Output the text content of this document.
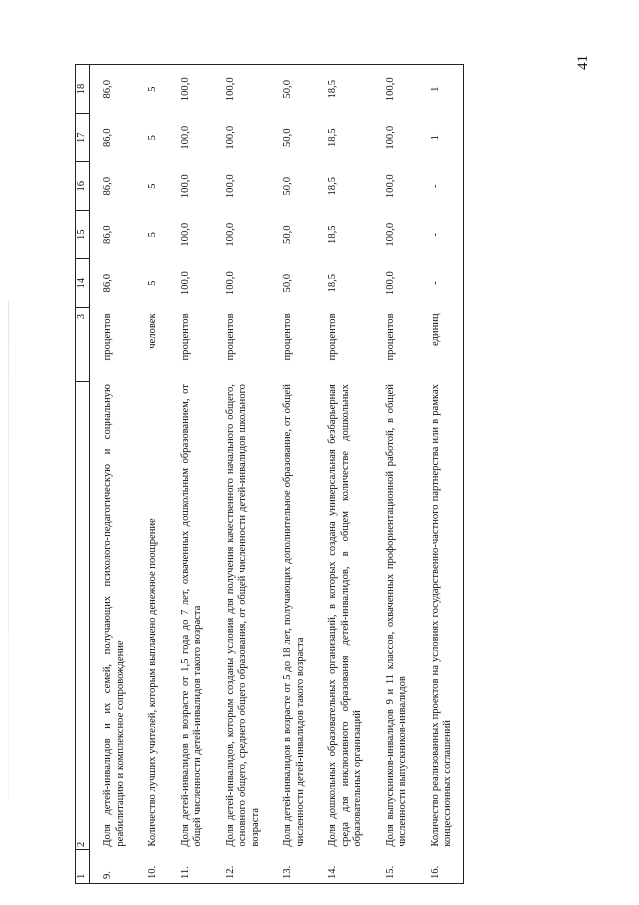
41
1	2	3	14	15	16	17	18
9.	Доля детей-инвалидов и их семей, получающих психолого-педагогическую и социальную реабилитацию и комплексное сопровождение	процентов	86,0	86,0	86,0	86,0	86,0
10.	Количество лучших учителей, которым выплачено денежное поощрение	человек	5	5	5	5	5
11.	Доля детей-инвалидов в возрасте от 1,5 года до 7 лет, охваченных дошкольным образованием, от общей численности детей-инвалидов такого возраста	процентов	100,0	100,0	100,0	100,0	100,0
12.	Доля детей-инвалидов, которым созданы условия для получения качественного начального общего, основного общего, среднего общего образования, от общей численности детей-инвалидов школьного возраста	процентов	100,0	100,0	100,0	100,0	100,0
13.	Доля детей-инвалидов в возрасте от 5 до 18 лет, получающих дополнительное образование, от общей численности детей-инвалидов такого возраста	процентов	50,0	50,0	50,0	50,0	50,0
14.	Доля дошкольных образовательных организаций, в которых создана универсальная безбарьерная среда для инклюзивного образования детей-инвалидов, в общем количестве дошкольных образовательных организаций	процентов	18,5	18,5	18,5	18,5	18,5
15.	Доля выпускников-инвалидов 9 и 11 классов, охваченных профориентационной работой, в общей численности выпускников-инвалидов	процентов	100,0	100,0	100,0	100,0	100,0
16.	Количество реализованных проектов на условиях государственно-частного партнерства или в рамках концессионных соглашений	единиц	-	-	-	1	1
